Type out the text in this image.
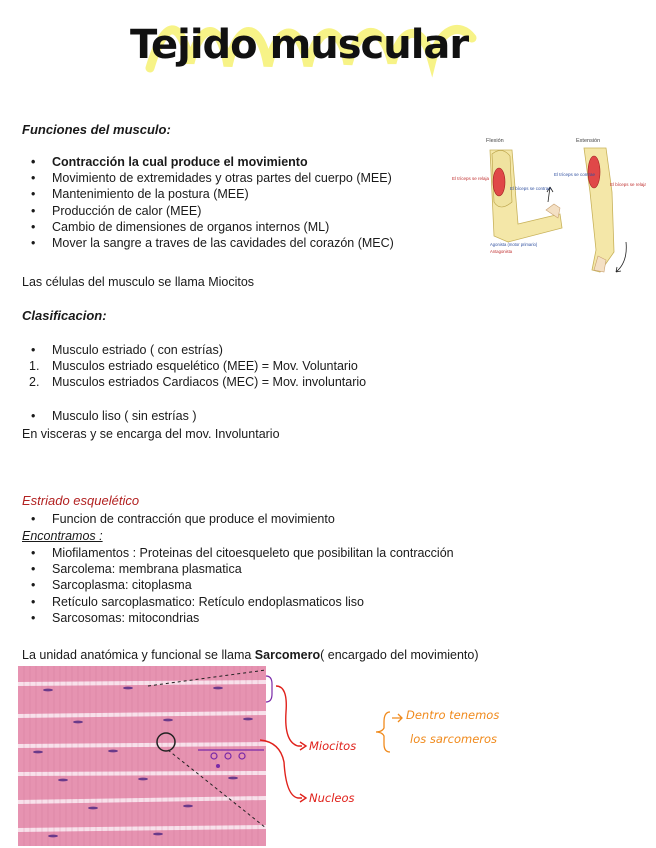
Tejido muscular
Funciones del musculo:
• Contracción la cual produce el movimiento
• Movimiento de extremidades y otras partes del cuerpo (MEE)
• Mantenimiento de la postura (MEE)
• Producción de calor (MEE)
• Cambio de dimensiones de organos internos (ML)
• Mover la sangre a traves de las cavidades del corazón (MEC)
Las células del musculo se llama Miocitos
Flexión	Extensión
El tríceps se relaja
El bíceps se contrae
Agonista (motor primario)
Antagonista
El tríceps se contrae
El bíceps se relaja
Clasificacion:
• Musculo estriado ( con estrías)
1. Musculos estriado esquelético (MEE) = Mov. Voluntario
2. Musculos estriados Cardiacos (MEC) = Mov. involuntario
• Musculo liso ( sin estrías )
En visceras y se encarga del mov. Involuntario
Estriado esquelético
• Funcion de contracción que produce el movimiento
Encontramos :
• Miofilamentos : Proteinas del citoesqueleto que posibilitan la contracción
• Sarcolema: membrana plasmatica
• Sarcoplasma: citoplasma
• Retículo sarcoplasmatico: Retículo endoplasmaticos liso
• Sarcosomas: mitocondrias
La unidad anatómica y funcional se llama Sarcomero( encargado del movimiento)
Miocitos
Nucleos
Dentro tenemos
los sarcomeros
